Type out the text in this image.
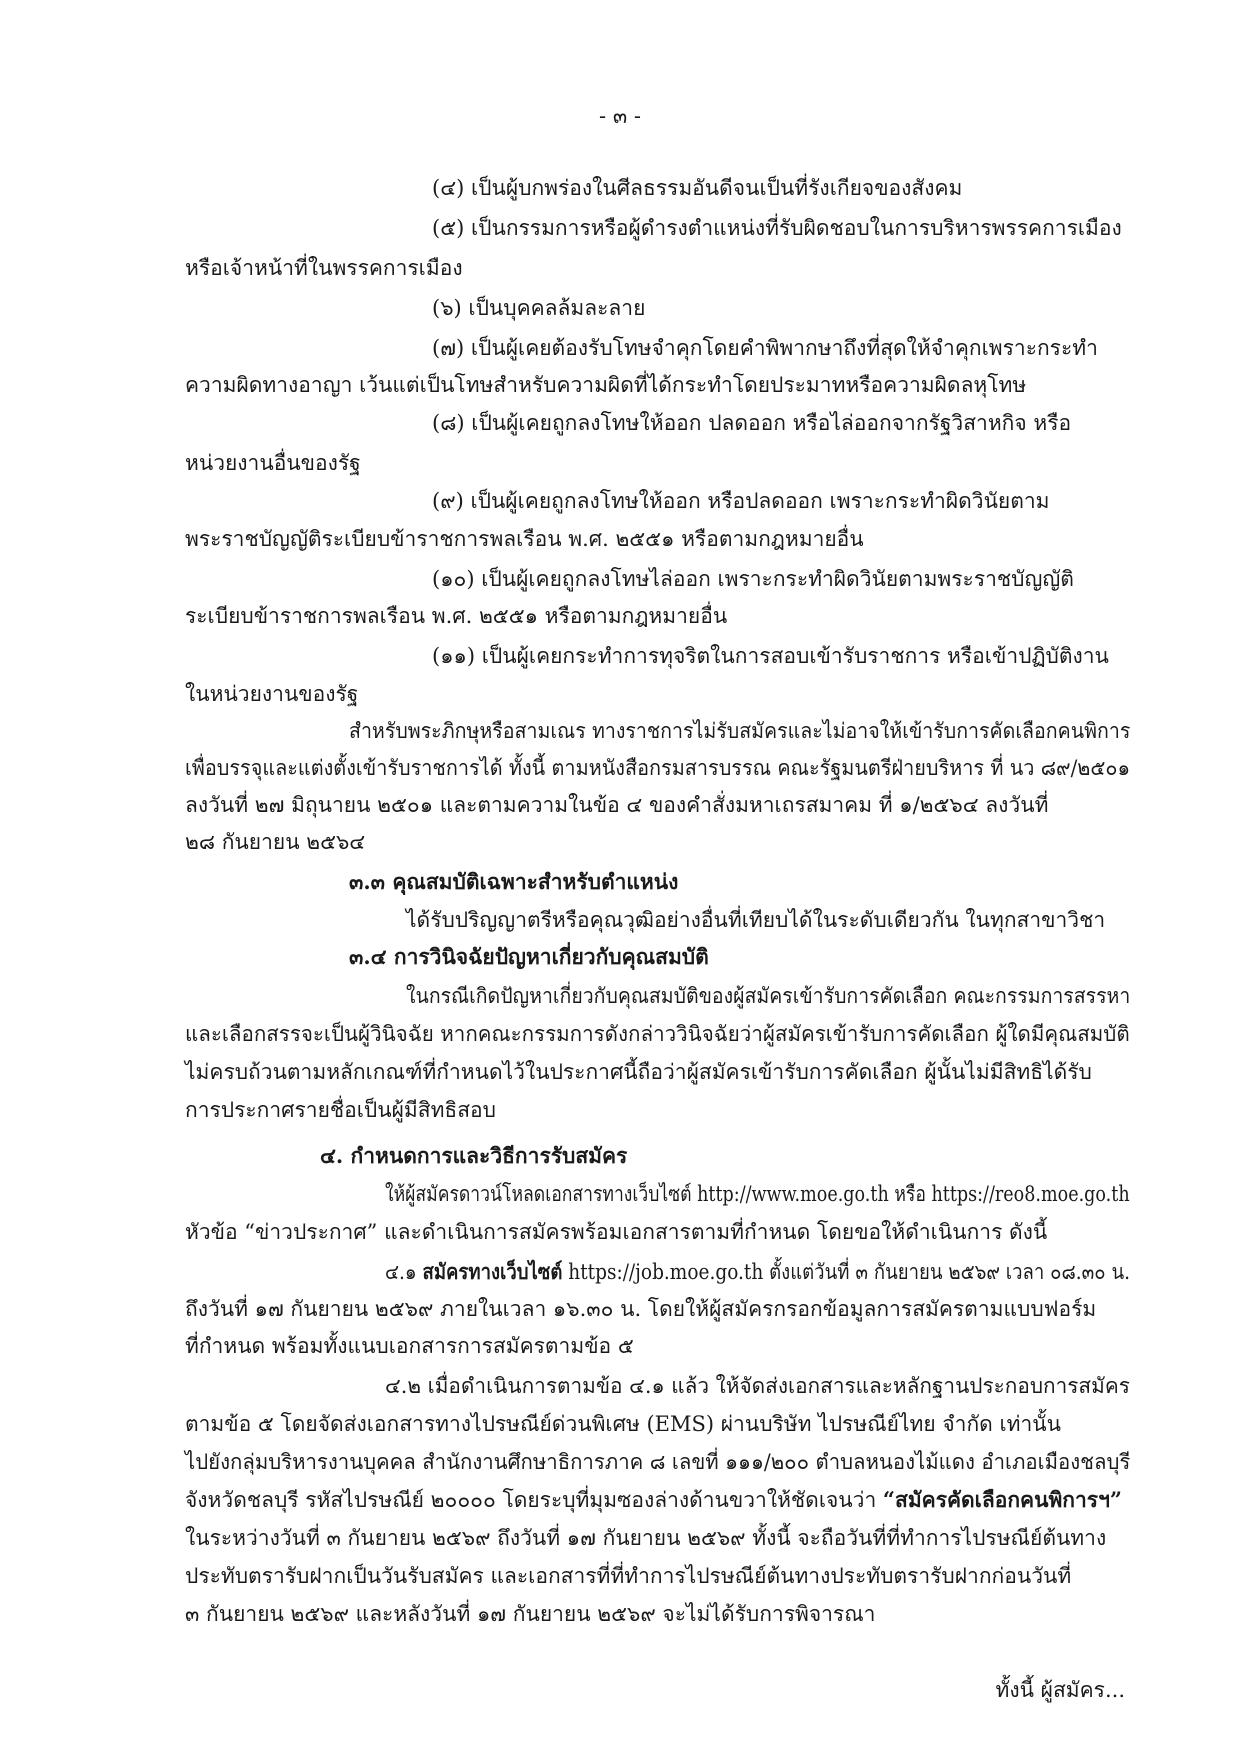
- ๓ -
(๔) เป็นผู้บกพร่องในศีลธรรมอันดีจนเป็นที่รังเกียจของสังคม
(๕) เป็นกรรมการหรือผู้ดำรงตำแหน่งที่รับผิดชอบในการบริหารพรรคการเมือง
หรือเจ้าหน้าที่ในพรรคการเมือง
(๖) เป็นบุคคลล้มละลาย
(๗) เป็นผู้เคยต้องรับโทษจำคุกโดยคำพิพากษาถึงที่สุดให้จำคุกเพราะกระทำ
ความผิดทางอาญา เว้นแต่เป็นโทษสำหรับความผิดที่ได้กระทำโดยประมาทหรือความผิดลหุโทษ
(๘) เป็นผู้เคยถูกลงโทษให้ออก ปลดออก หรือไล่ออกจากรัฐวิสาหกิจ หรือ
หน่วยงานอื่นของรัฐ
(๙) เป็นผู้เคยถูกลงโทษให้ออก หรือปลดออก เพราะกระทำผิดวินัยตาม
พระราชบัญญัติระเบียบข้าราชการพลเรือน พ.ศ. ๒๕๕๑ หรือตามกฎหมายอื่น
(๑๐) เป็นผู้เคยถูกลงโทษไล่ออก เพราะกระทำผิดวินัยตามพระราชบัญญัติ
ระเบียบข้าราชการพลเรือน พ.ศ. ๒๕๕๑ หรือตามกฎหมายอื่น
(๑๑) เป็นผู้เคยกระทำการทุจริตในการสอบเข้ารับราชการ หรือเข้าปฏิบัติงาน
ในหน่วยงานของรัฐ
สำหรับพระภิกษุหรือสามเณร ทางราชการไม่รับสมัครและไม่อาจให้เข้ารับการคัดเลือกคนพิการ
เพื่อบรรจุและแต่งตั้งเข้ารับราชการได้ ทั้งนี้ ตามหนังสือกรมสารบรรณ คณะรัฐมนตรีฝ่ายบริหาร ที่ นว ๘๙/๒๕๐๑
ลงวันที่ ๒๗ มิถุนายน ๒๕๐๑ และตามความในข้อ ๔ ของคำสั่งมหาเถรสมาคม ที่ ๑/๒๕๖๔ ลงวันที่
๒๘ กันยายน ๒๕๖๔
๓.๓ คุณสมบัติเฉพาะสำหรับตำแหน่ง
ได้รับปริญญาตรีหรือคุณวุฒิอย่างอื่นที่เทียบได้ในระดับเดียวกัน ในทุกสาขาวิชา
๓.๔ การวินิจฉัยปัญหาเกี่ยวกับคุณสมบัติ
ในกรณีเกิดปัญหาเกี่ยวกับคุณสมบัติของผู้สมัครเข้ารับการคัดเลือก คณะกรรมการสรรหา
และเลือกสรรจะเป็นผู้วินิจฉัย หากคณะกรรมการดังกล่าววินิจฉัยว่าผู้สมัครเข้ารับการคัดเลือก ผู้ใดมีคุณสมบัติ
ไม่ครบถ้วนตามหลักเกณฑ์ที่กำหนดไว้ในประกาศนี้ถือว่าผู้สมัครเข้ารับการคัดเลือก ผู้นั้นไม่มีสิทธิได้รับ
การประกาศรายชื่อเป็นผู้มีสิทธิสอบ
๔. กำหนดการและวิธีการรับสมัคร
ให้ผู้สมัครดาวน์โหลดเอกสารทางเว็บไซต์ http://www.moe.go.th หรือ https://reo8.moe.go.th
หัวข้อ “ข่าวประกาศ” และดำเนินการสมัครพร้อมเอกสารตามที่กำหนด โดยขอให้ดำเนินการ ดังนี้
๔.๑ สมัครทางเว็บไซต์ https://job.moe.go.th ตั้งแต่วันที่ ๓ กันยายน ๒๕๖๙ เวลา ๐๘.๓๐ น.
ถึงวันที่ ๑๗ กันยายน ๒๕๖๙ ภายในเวลา ๑๖.๓๐ น. โดยให้ผู้สมัครกรอกข้อมูลการสมัครตามแบบฟอร์ม
ที่กำหนด พร้อมทั้งแนบเอกสารการสมัครตามข้อ ๕
๔.๒ เมื่อดำเนินการตามข้อ ๔.๑ แล้ว ให้จัดส่งเอกสารและหลักฐานประกอบการสมัคร
ตามข้อ ๕ โดยจัดส่งเอกสารทางไปรษณีย์ด่วนพิเศษ (EMS) ผ่านบริษัท ไปรษณีย์ไทย จำกัด เท่านั้น
ไปยังกลุ่มบริหารงานบุคคล สำนักงานศึกษาธิการภาค ๘ เลขที่ ๑๑๑/๒๐๐ ตำบลหนองไม้แดง อำเภอเมืองชลบุรี
จังหวัดชลบุรี รหัสไปรษณีย์ ๒๐๐๐๐ โดยระบุที่มุมซองล่างด้านขวาให้ชัดเจนว่า “สมัครคัดเลือกคนพิการฯ”
ในระหว่างวันที่ ๓ กันยายน ๒๕๖๙ ถึงวันที่ ๑๗ กันยายน ๒๕๖๙ ทั้งนี้ จะถือวันที่ที่ทำการไปรษณีย์ต้นทาง
ประทับตรารับฝากเป็นวันรับสมัคร และเอกสารที่ที่ทำการไปรษณีย์ต้นทางประทับตรารับฝากก่อนวันที่
๓ กันยายน ๒๕๖๙ และหลังวันที่ ๑๗ กันยายน ๒๕๖๙ จะไม่ได้รับการพิจารณา
ทั้งนี้ ผู้สมัคร...
